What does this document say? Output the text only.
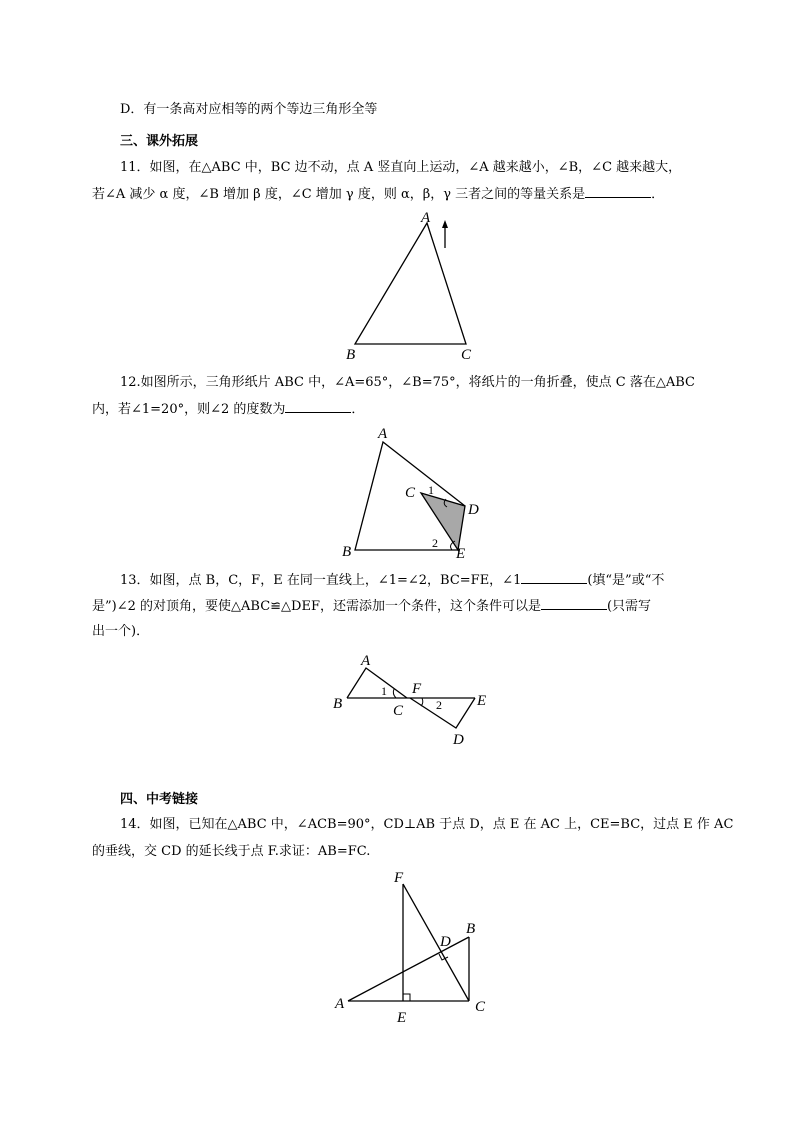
D．有一条高对应相等的两个等边三角形全等
三、课外拓展
11．如图，在△ABC 中，BC 边不动，点 A 竖直向上运动，∠A 越来越小，∠B，∠C 越来越大，
若∠A 减少 α 度，∠B 增加 β 度，∠C 增加 γ 度，则 α，β，γ 三者之间的等量关系是	．
A
B	C
12.如图所示，三角形纸片 ABC 中，∠A=65°，∠B=75°，将纸片的一角折叠，使点 C 落在△ABC
内，若∠1=20°，则∠2 的度数为	．
A
B
C
D
E
1
2
13．如图，点 B，C，F，E 在同一直线上，∠1=∠2，BC=FE，∠1	(填“是”或“不
是”)∠2 的对顶角，要使△ABC≌△DEF，还需添加一个条件，这个条件可以是	(只需写
出一个)．
A
B	C
F
E
D
1
2
四、中考链接
14．如图，已知在△ABC 中，∠ACB=90°，CD⊥AB 于点 D，点 E 在 AC 上，CE=BC，过点 E 作 AC
的垂线，交 CD 的延长线于点 F.求证：AB=FC.
F
B
D
A
E
C
